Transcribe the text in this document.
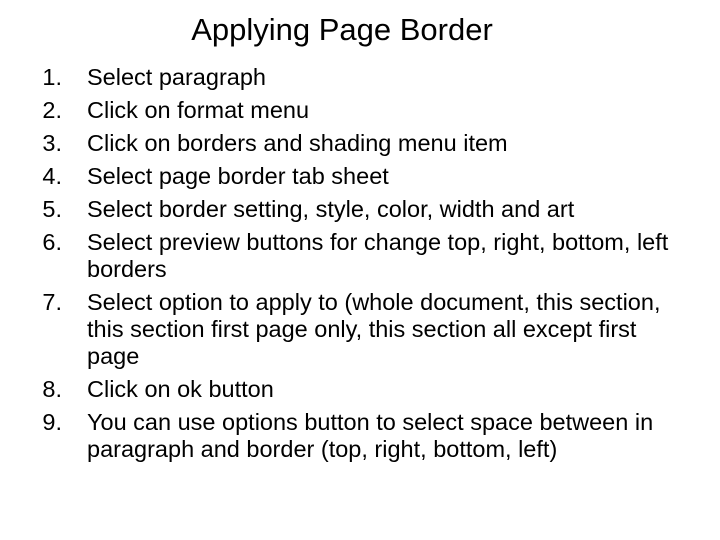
Applying Page Border
1. Select paragraph
2. Click on format menu
3. Click on borders and shading menu item
4. Select page border tab sheet
5. Select border setting, style, color, width and art
6. Select preview buttons for change top, right, bottom, left borders
7. Select option to apply to (whole document, this section, this section first page only, this section all except first page
8. Click on ok button
9. You can use options button to select space between in paragraph and border (top, right, bottom, left)
